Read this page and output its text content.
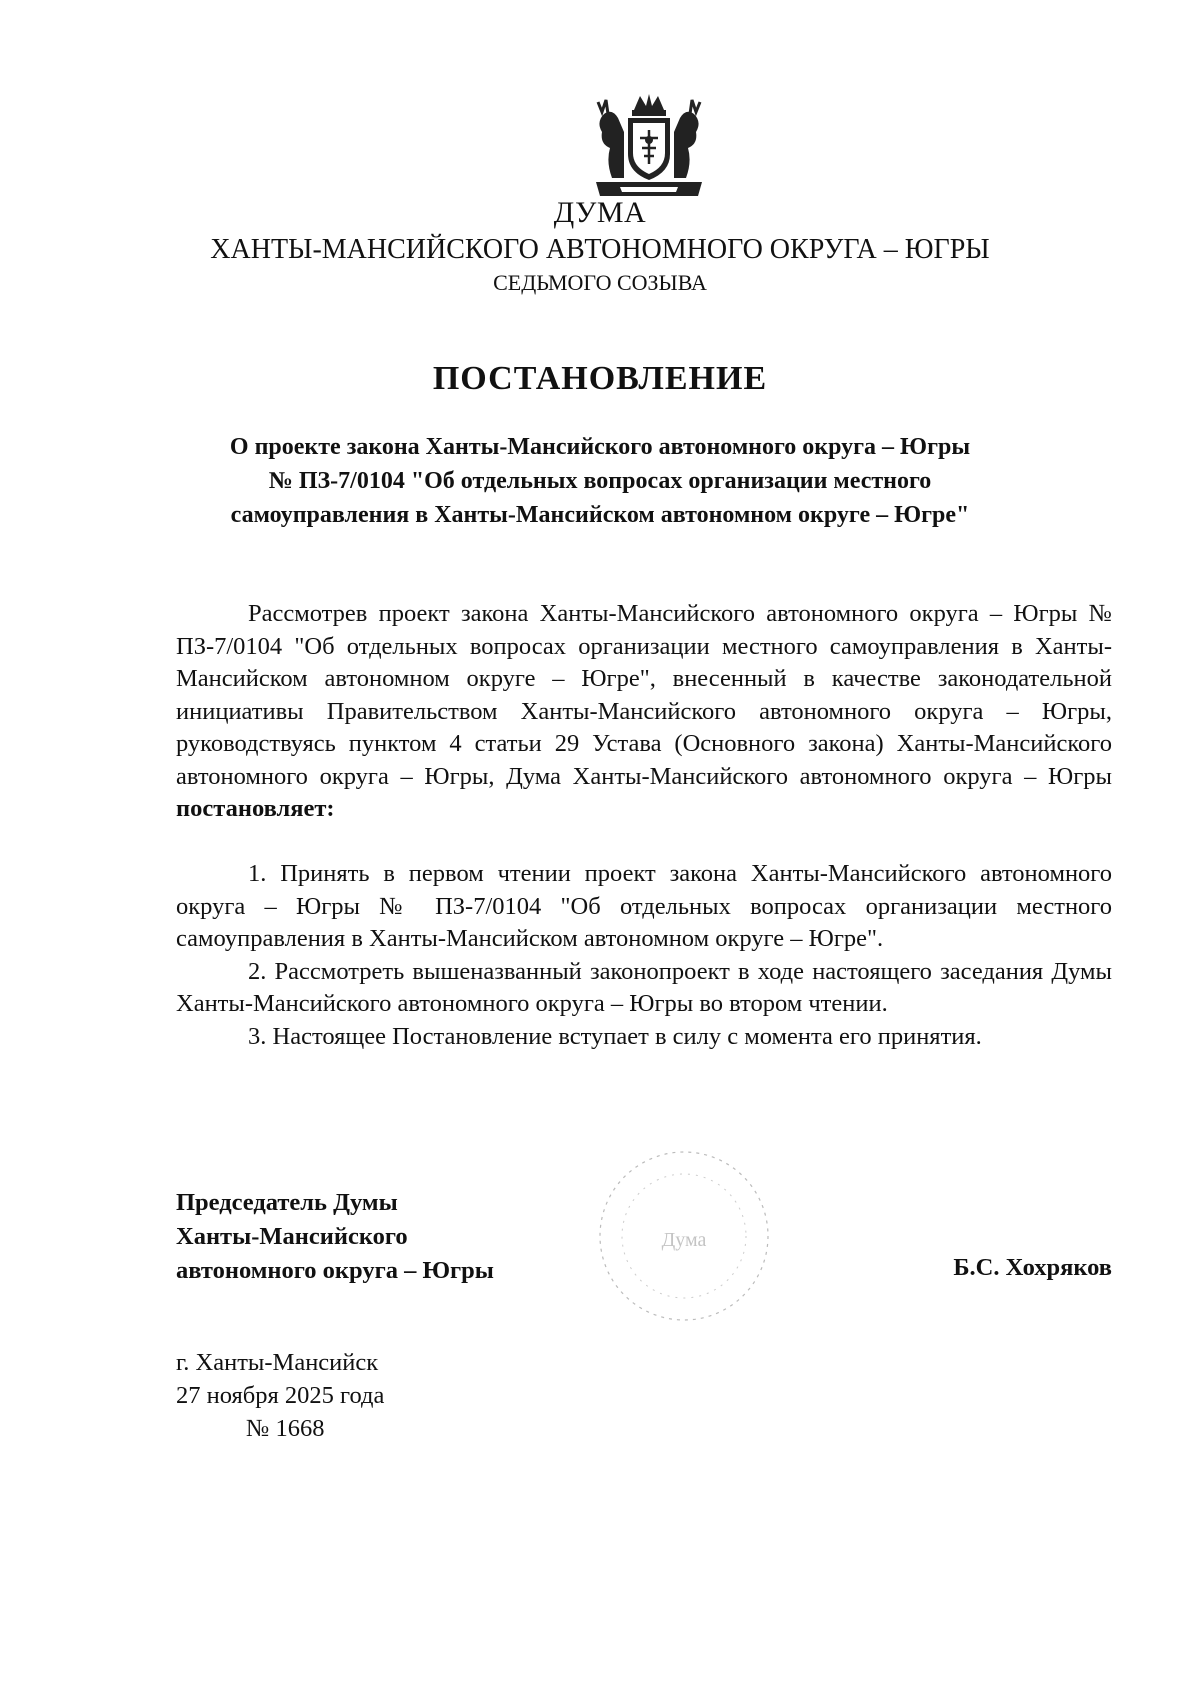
ДУМА
ХАНТЫ-МАНСИЙСКОГО АВТОНОМНОГО ОКРУГА – ЮГРЫ
СЕДЬМОГО СОЗЫВА
ПОСТАНОВЛЕНИЕ
О проекте закона Ханты-Мансийского автономного округа – Югры
№ ПЗ-7/0104 "Об отдельных вопросах организации местного
самоуправления в Ханты-Мансийском автономном округе – Югре"

Рассмотрев проект закона Ханты-Мансийского автономного округа – Югры № ПЗ-7/0104 "Об отдельных вопросах организации местного самоуправления в Ханты-Мансийском автономном округе – Югре", внесенный в качестве законодательной инициативы Правительством Ханты-Мансийского автономного округа – Югры, руководствуясь пунктом 4 статьи 29 Устава (Основного закона) Ханты-Мансийского автономного округа – Югры, Дума Ханты-Мансийского автономного округа – Югры постановляет:

1. Принять в первом чтении проект закона Ханты-Мансийского автономного округа – Югры № ПЗ-7/0104 "Об отдельных вопросах организации местного самоуправления в Ханты-Мансийском автономном округе – Югре".

2. Рассмотреть вышеназванный законопроект в ходе настоящего заседания Думы Ханты-Мансийского автономного округа – Югры во втором чтении.

3. Настоящее Постановление вступает в силу с момента его принятия.

Председатель Думы
Ханты-Мансийского
автономного округа – Югры
Дума
Б.С. Хохряков
г. Ханты-Мансийск
27 ноября 2025 года
№ 1668
